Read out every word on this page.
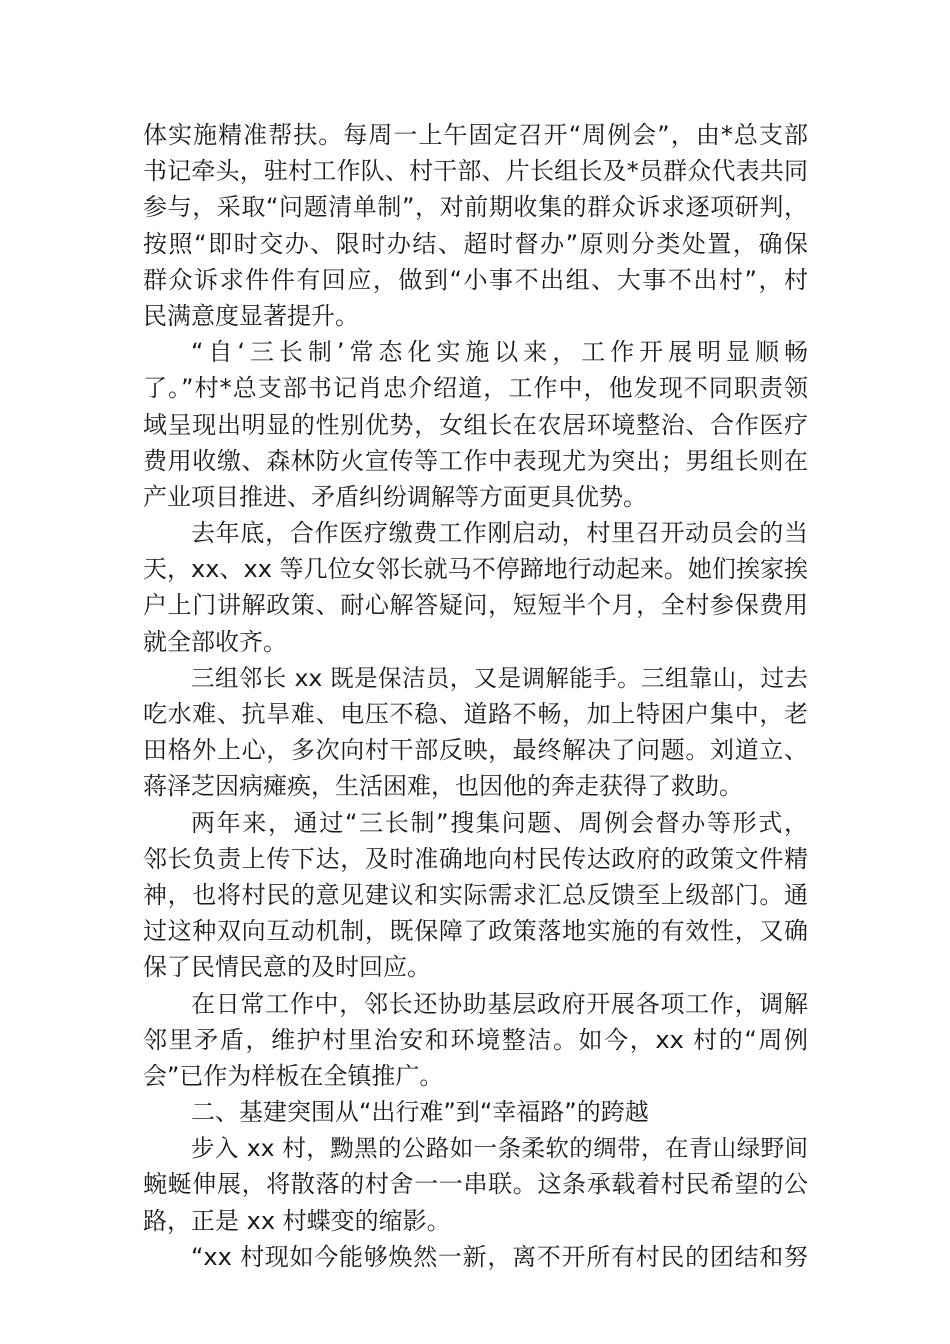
体实施精准帮扶。每周一上午固定召开“周例会”，由*总支部
书记牵头，驻村工作队、村干部、片长组长及*员群众代表共同
参与，采取“问题清单制”，对前期收集的群众诉求逐项研判，
按照“即时交办、限时办结、超时督办”原则分类处置，确保
群众诉求件件有回应，做到“小事不出组、大事不出村”，村
民满意度显著提升。
“自‘三长制’常态化实施以来，工作开展明显顺畅
了。”村*总支部书记肖忠介绍道，工作中，他发现不同职责领
域呈现出明显的性别优势，女组长在农居环境整治、合作医疗
费用收缴、森林防火宣传等工作中表现尤为突出；男组长则在
产业项目推进、矛盾纠纷调解等方面更具优势。
去年底，合作医疗缴费工作刚启动，村里召开动员会的当
天，xx、xx 等几位女邻长就马不停蹄地行动起来。她们挨家挨
户上门讲解政策、耐心解答疑问，短短半个月，全村参保费用
就全部收齐。
三组邻长 xx 既是保洁员，又是调解能手。三组靠山，过去
吃水难、抗旱难、电压不稳、道路不畅，加上特困户集中，老
田格外上心，多次向村干部反映，最终解决了问题。刘道立、
蒋泽芝因病瘫痪，生活困难，也因他的奔走获得了救助。
两年来，通过“三长制”搜集问题、周例会督办等形式，
邻长负责上传下达，及时准确地向村民传达政府的政策文件精
神，也将村民的意见建议和实际需求汇总反馈至上级部门。通
过这种双向互动机制，既保障了政策落地实施的有效性，又确
保了民情民意的及时回应。
在日常工作中，邻长还协助基层政府开展各项工作，调解
邻里矛盾，维护村里治安和环境整洁。如今，xx 村的“周例
会”已作为样板在全镇推广。
二、基建突围从“出行难”到“幸福路”的跨越
步入 xx 村，黝黑的公路如一条柔软的绸带，在青山绿野间
蜿蜒伸展，将散落的村舍一一串联。这条承载着村民希望的公
路，正是 xx 村蝶变的缩影。
“xx 村现如今能够焕然一新，离不开所有村民的团结和努
